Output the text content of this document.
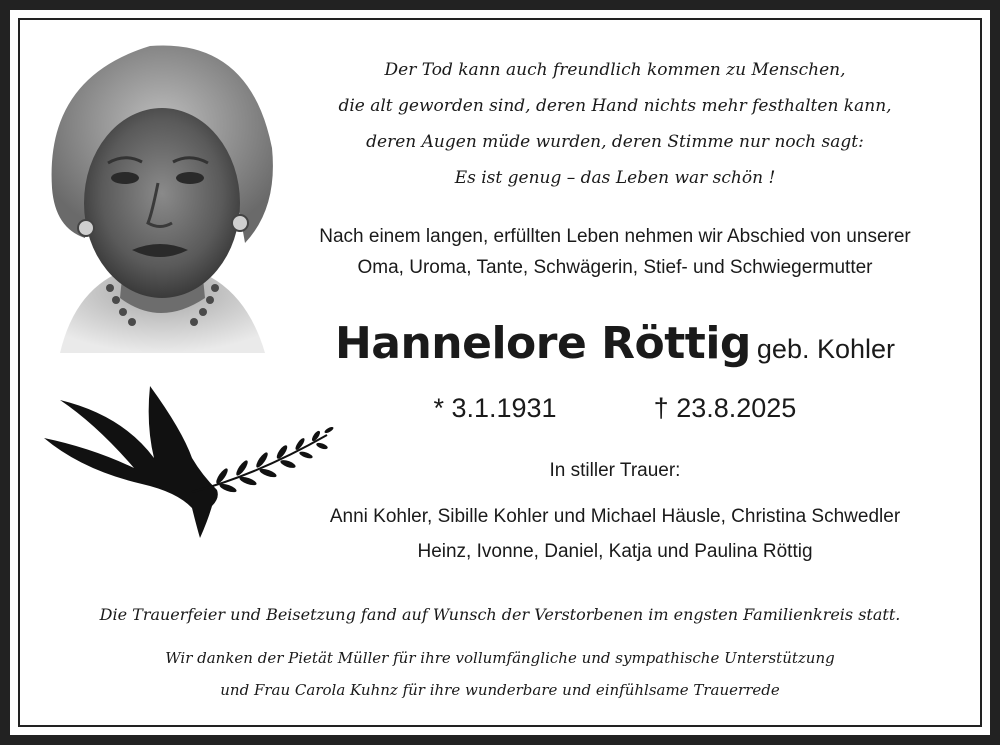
Der Tod kann auch freundlich kommen zu Menschen,
die alt geworden sind, deren Hand nichts mehr festhalten kann,
deren Augen müde wurden, deren Stimme nur noch sagt:
Es ist genug – das Leben war schön !
Nach einem langen, erfüllten Leben nehmen wir Abschied von unserer
Oma, Uroma, Tante, Schwägerin, Stief- und Schwiegermutter
Hannelore Röttig geb. Kohler
* 3.1.1931	† 23.8.2025
In stiller Trauer:
Anni Kohler, Sibille Kohler und Michael Häusle, Christina Schwedler
Heinz, Ivonne, Daniel, Katja und Paulina Röttig
Die Trauerfeier und Beisetzung fand auf Wunsch der Verstorbenen im engsten Familienkreis statt.
Wir danken der Pietät Müller für ihre vollumfängliche und sympathische Unterstützung
und Frau Carola Kuhnz für ihre wunderbare und einfühlsame Trauerrede
